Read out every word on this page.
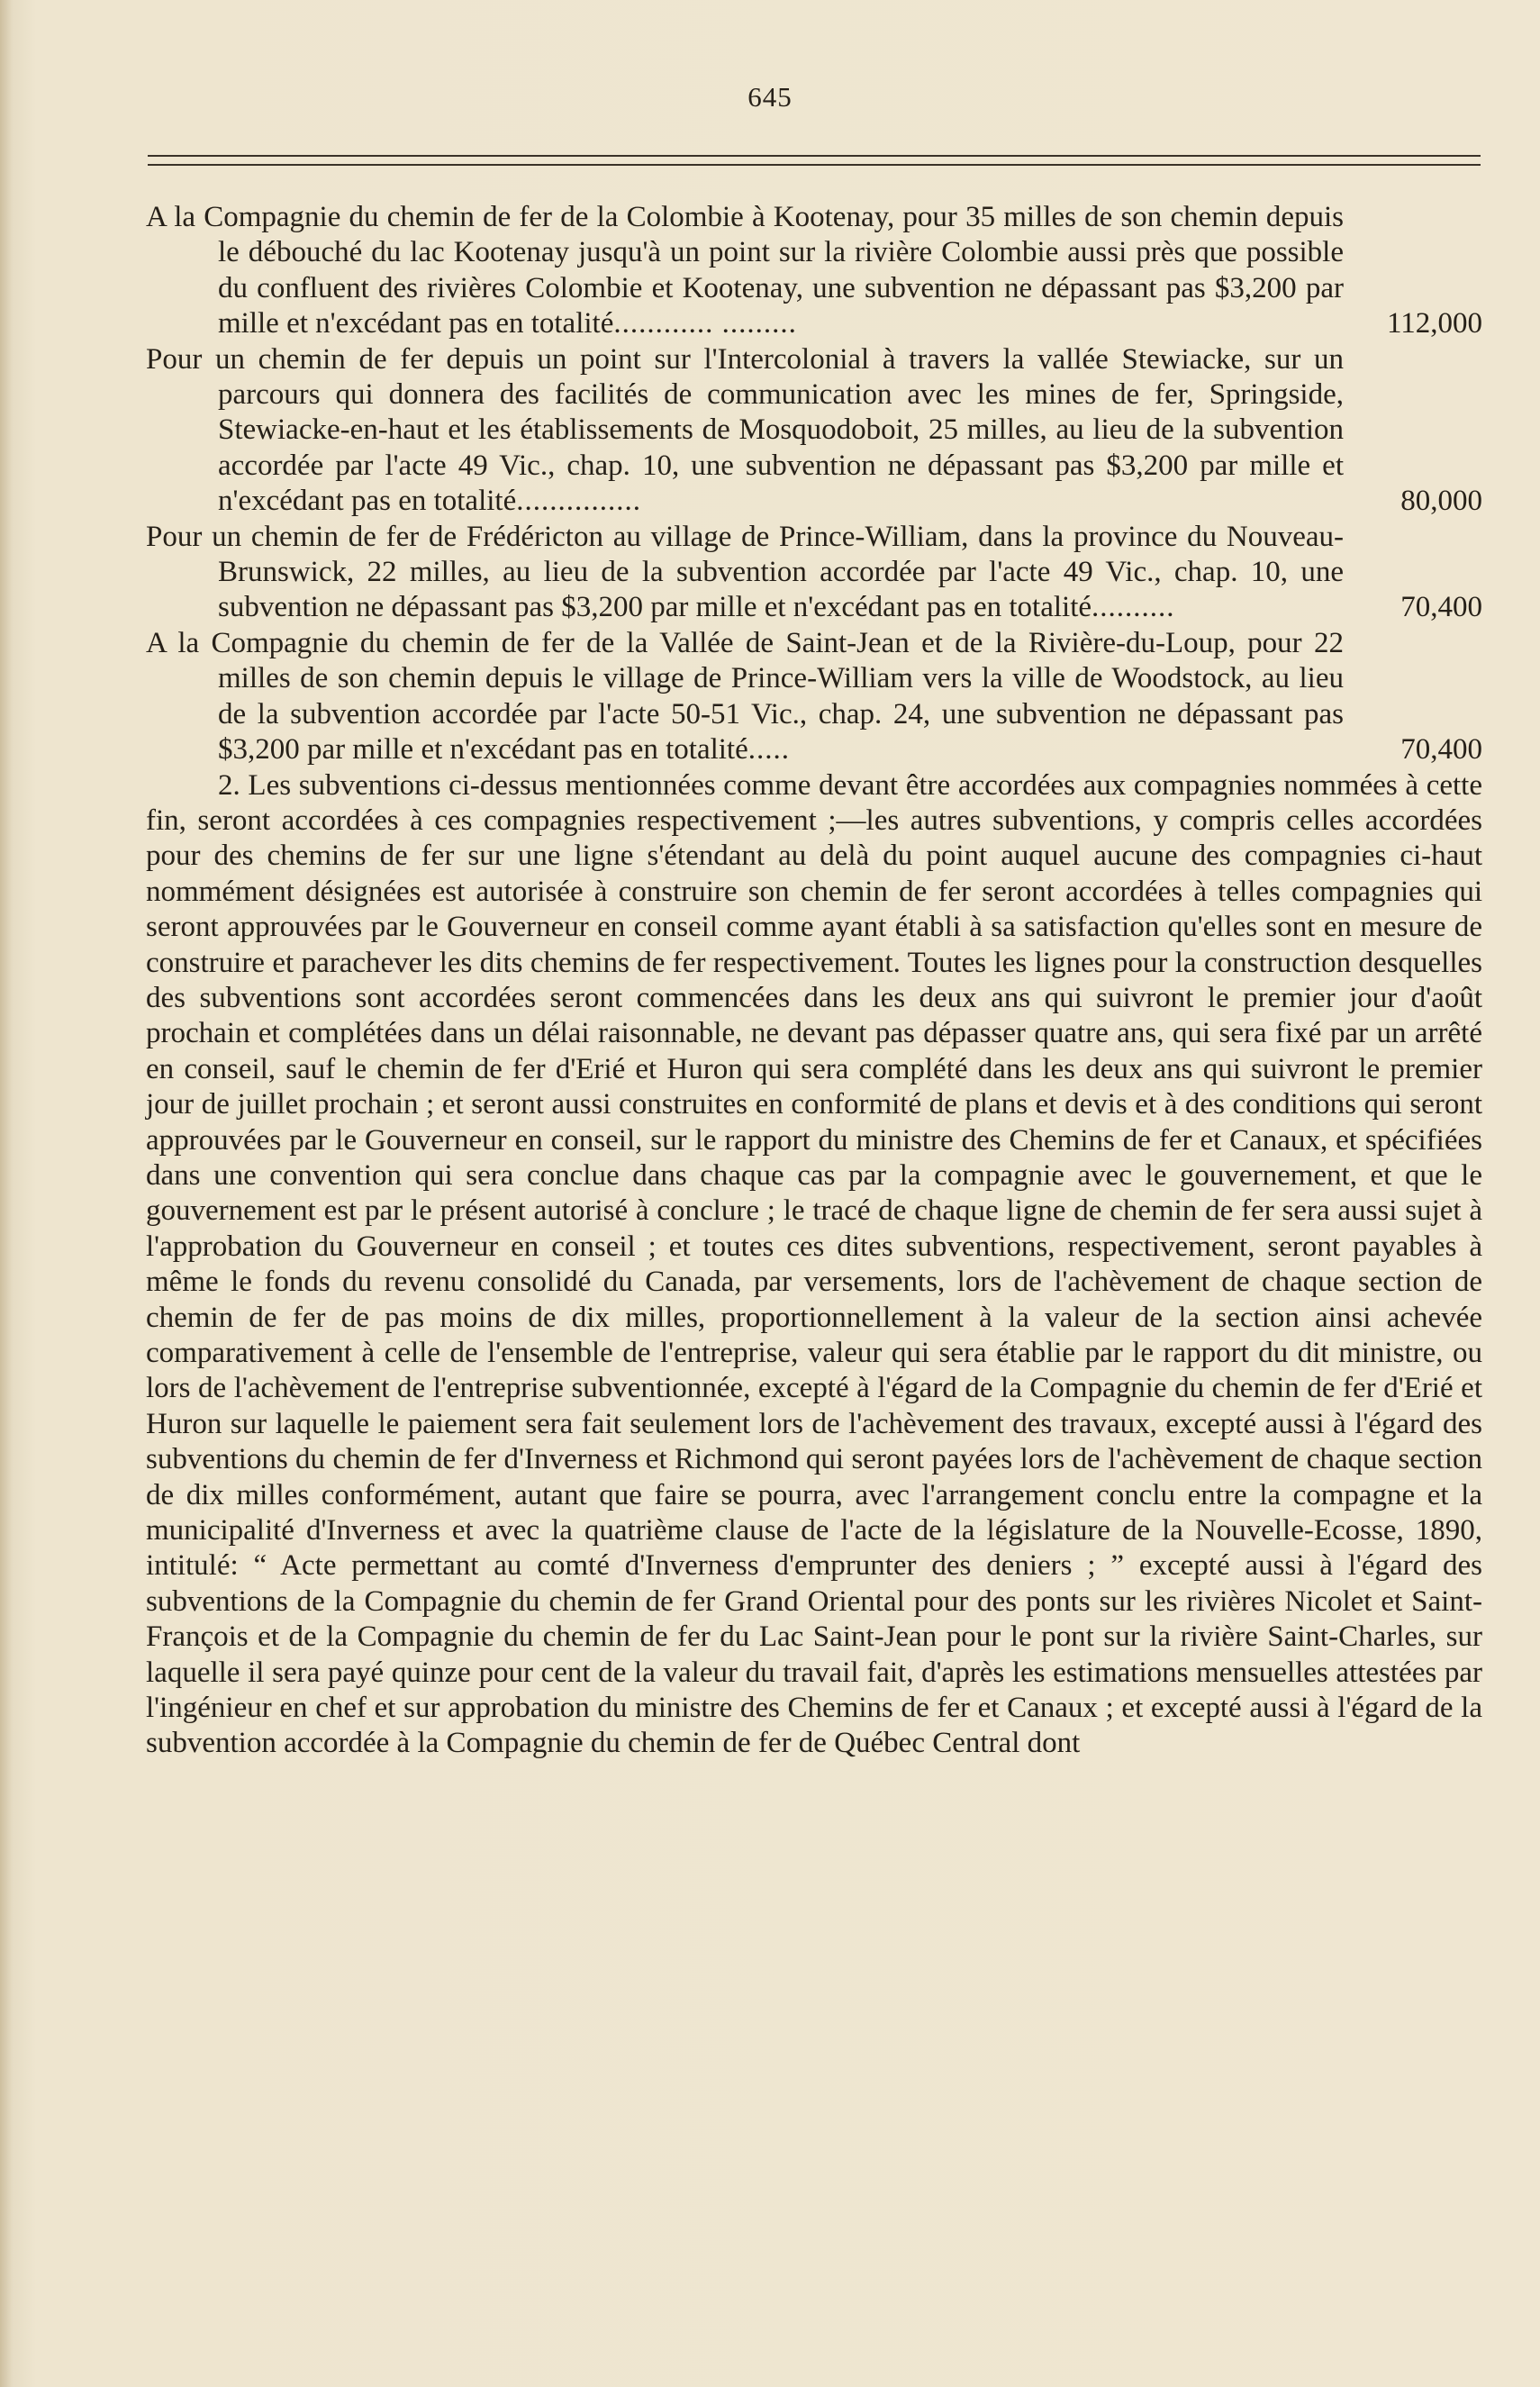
645
A la Compagnie du chemin de fer de la Colombie à Kootenay, pour 35 milles de son chemin depuis le débouché du lac Kootenay jusqu'à un point sur la rivière Colombie aussi près que possible du confluent des rivières Colombie et Kootenay, une subvention ne dépassant pas $3,200 par mille et n'excédant pas en totalité............ .........	112,000
Pour un chemin de fer depuis un point sur l'Intercolonial à travers la vallée Stewiacke, sur un parcours qui donnera des facilités de communication avec les mines de fer, Springside, Stewiacke-en-haut et les établissements de Mosquodoboit, 25 milles, au lieu de la subvention accordée par l'acte 49 Vic., chap. 10, une subvention ne dépassant pas $3,200 par mille et n'excédant pas en totalité...............	80,000
Pour un chemin de fer de Frédéricton au village de Prince-William, dans la province du Nouveau-Brunswick, 22 milles, au lieu de la subvention accordée par l'acte 49 Vic., chap. 10, une subvention ne dépassant pas $3,200 par mille et n'excédant pas en totalité..........	70,400
A la Compagnie du chemin de fer de la Vallée de Saint-Jean et de la Rivière-du-Loup, pour 22 milles de son chemin depuis le village de Prince-William vers la ville de Woodstock, au lieu de la subvention accordée par l'acte 50-51 Vic., chap. 24, une subvention ne dépassant pas $3,200 par mille et n'excédant pas en totalité.....	70,400

2. Les subventions ci-dessus mentionnées comme devant être accordées aux compagnies nommées à cette fin, seront accordées à ces compagnies respectivement ;—les autres subventions, y compris celles accordées pour des chemins de fer sur une ligne s'étendant au delà du point auquel aucune des compagnies ci-haut nommément désignées est autorisée à construire son chemin de fer seront accordées à telles compagnies qui seront approuvées par le Gouverneur en conseil comme ayant établi à sa satisfaction qu'elles sont en mesure de construire et parachever les dits chemins de fer respectivement. Toutes les lignes pour la construction desquelles des subventions sont accordées seront commencées dans les deux ans qui suivront le premier jour d'août prochain et complétées dans un délai raisonnable, ne devant pas dépasser quatre ans, qui sera fixé par un arrêté en conseil, sauf le chemin de fer d'Erié et Huron qui sera complété dans les deux ans qui suivront le premier jour de juillet prochain ; et seront aussi construites en conformité de plans et devis et à des conditions qui seront approuvées par le Gouverneur en conseil, sur le rapport du ministre des Chemins de fer et Canaux, et spécifiées dans une convention qui sera conclue dans chaque cas par la compagnie avec le gouvernement, et que le gouvernement est par le présent autorisé à conclure ; le tracé de chaque ligne de chemin de fer sera aussi sujet à l'approbation du Gouverneur en conseil ; et toutes ces dites subventions, respectivement, seront payables à même le fonds du revenu consolidé du Canada, par versements, lors de l'achèvement de chaque section de chemin de fer de pas moins de dix milles, proportionnellement à la valeur de la section ainsi achevée comparativement à celle de l'ensemble de l'entreprise, valeur qui sera établie par le rapport du dit ministre, ou lors de l'achèvement de l'entreprise subventionnée, excepté à l'égard de la Compagnie du chemin de fer d'Erié et Huron sur laquelle le paiement sera fait seulement lors de l'achèvement des travaux, excepté aussi à l'égard des subventions du chemin de fer d'Inverness et Richmond qui seront payées lors de l'achèvement de chaque section de dix milles conformément, autant que faire se pourra, avec l'arrangement conclu entre la compagne et la municipalité d'Inverness et avec la quatrième clause de l'acte de la législature de la Nouvelle-Ecosse, 1890, intitulé: “ Acte permettant au comté d'Inverness d'emprunter des deniers ; ” excepté aussi à l'égard des subventions de la Compagnie du chemin de fer Grand Oriental pour des ponts sur les rivières Nicolet et Saint-François et de la Compagnie du chemin de fer du Lac Saint-Jean pour le pont sur la rivière Saint-Charles, sur laquelle il sera payé quinze pour cent de la valeur du travail fait, d'après les estimations mensuelles attestées par l'ingénieur en chef et sur approbation du ministre des Chemins de fer et Canaux ; et excepté aussi à l'égard de la subvention accordée à la Compagnie du chemin de fer de Québec Central dont
